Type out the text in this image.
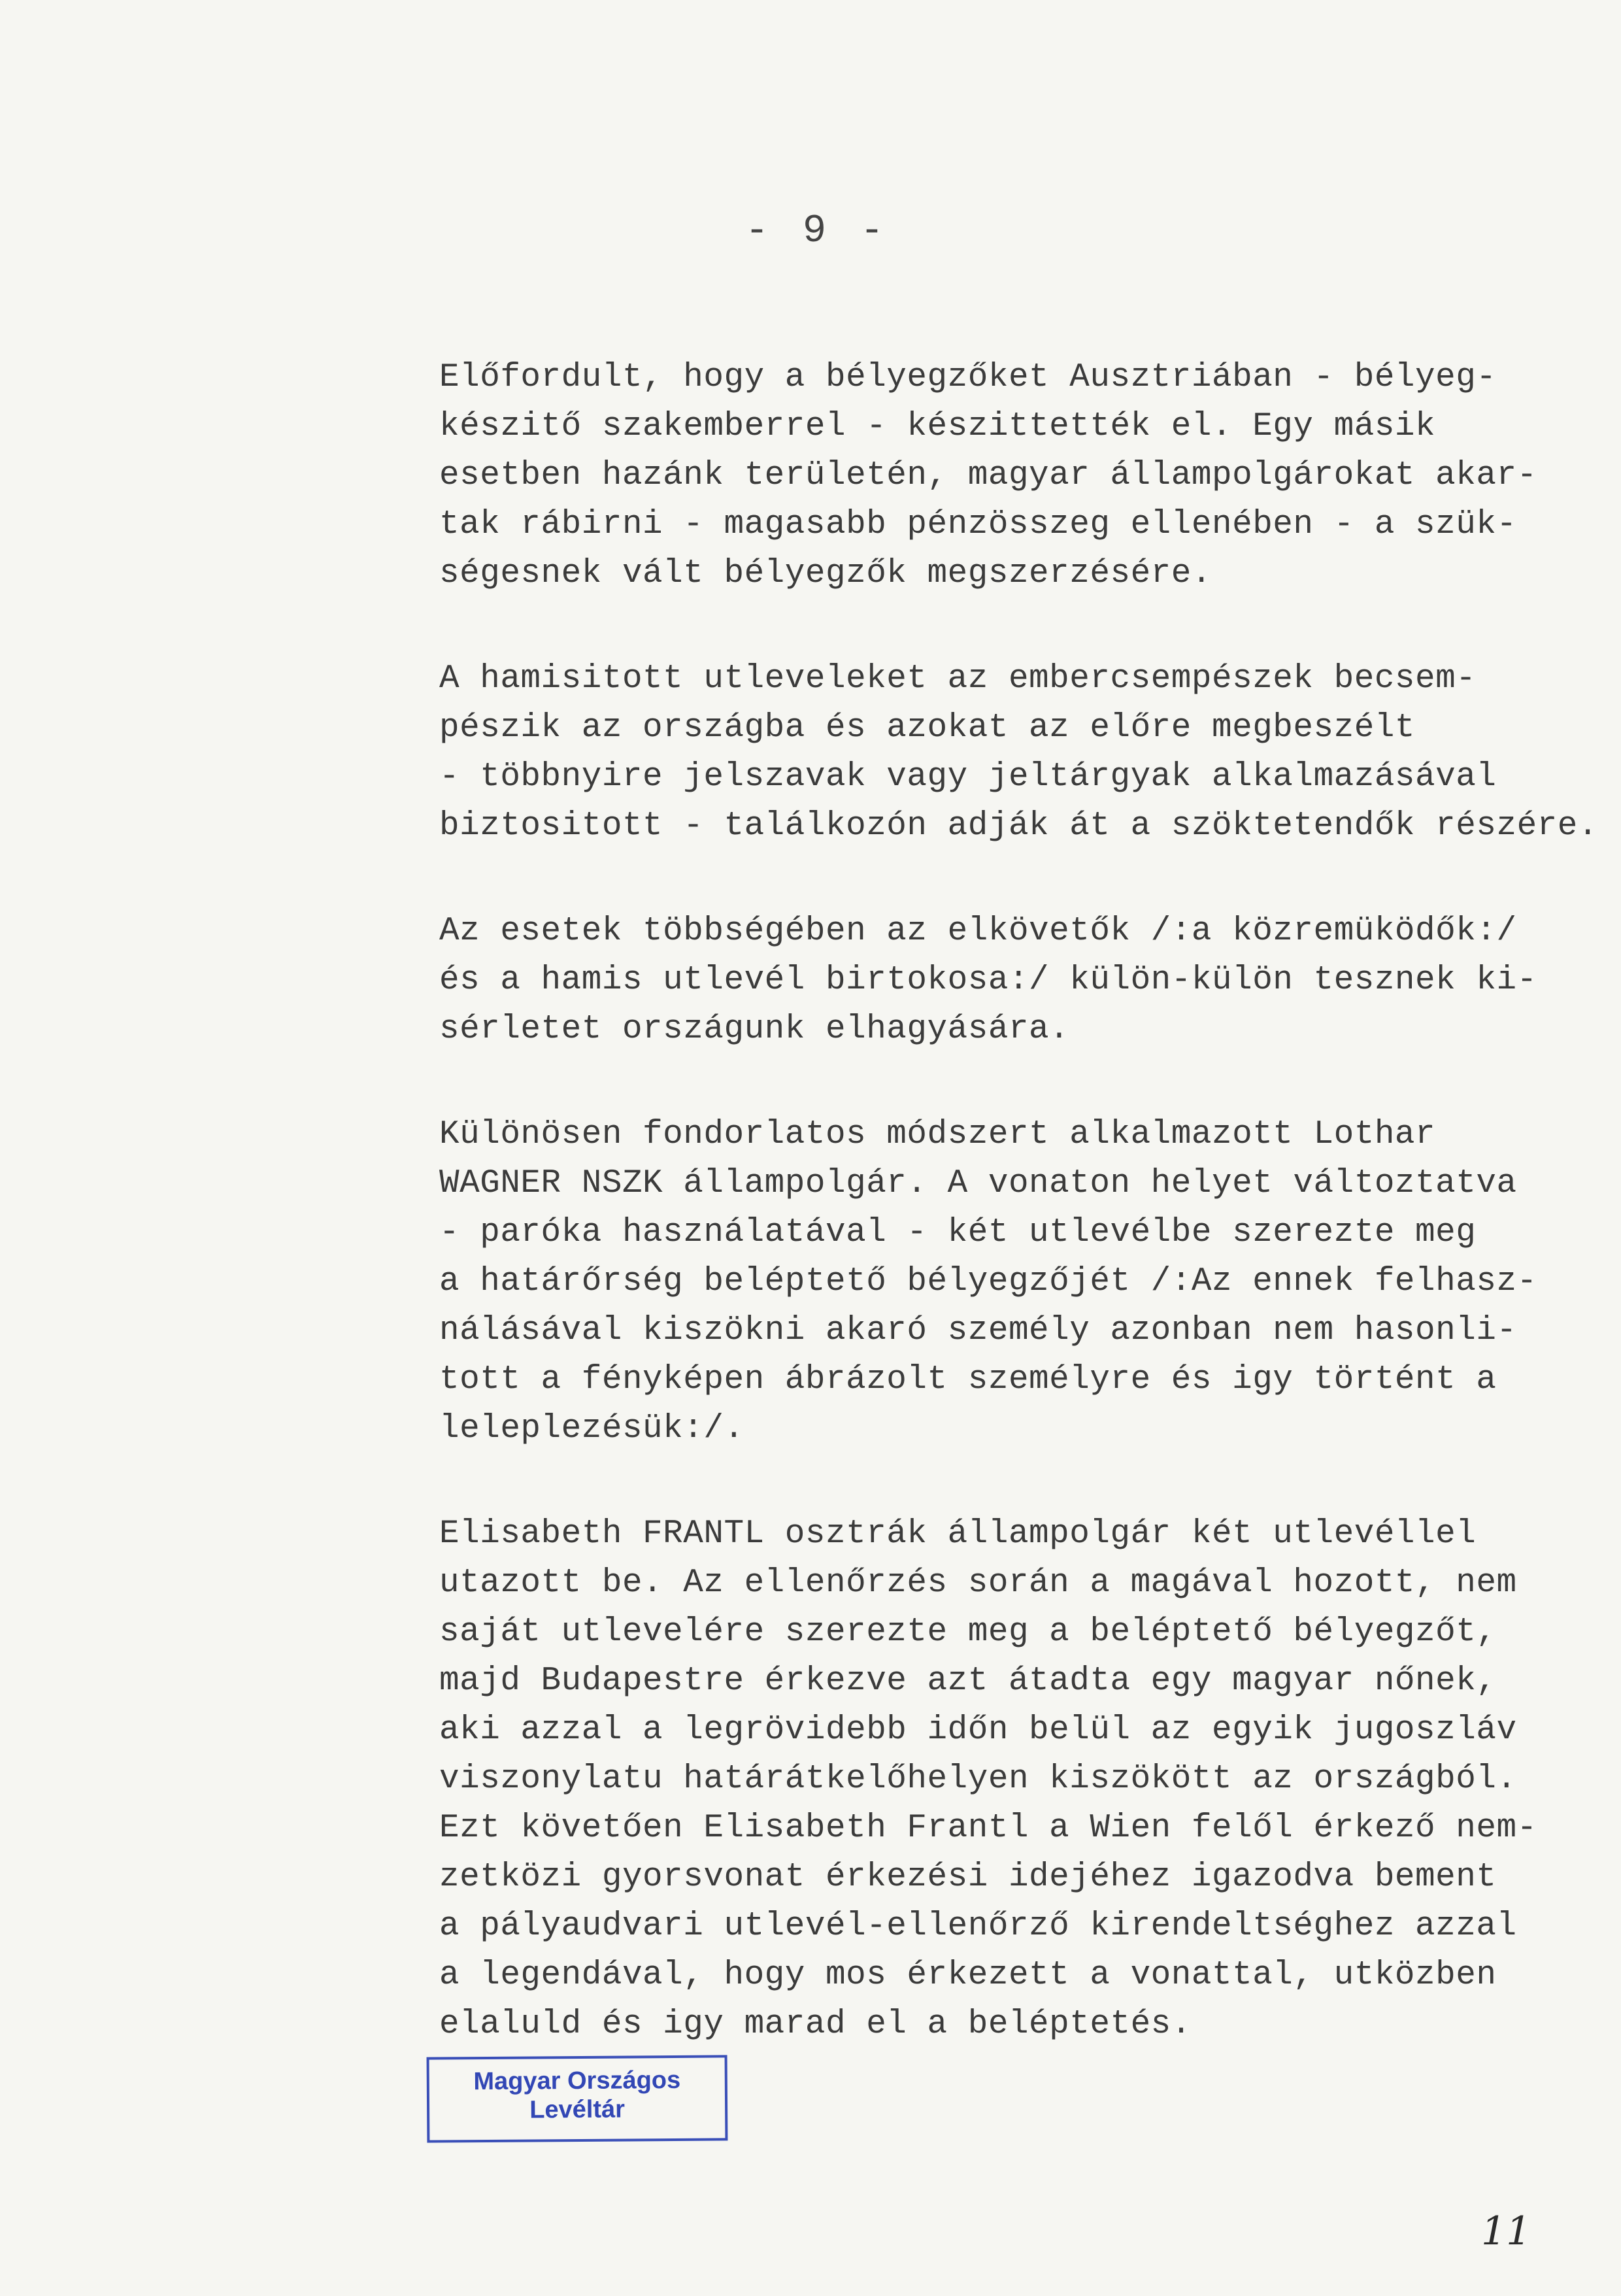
- 9 -
Előfordult, hogy a bélyegzőket Ausztriában - bélyeg-
készitő szakemberrel - készittették el. Egy másik
esetben hazánk területén, magyar állampolgárokat akar-
tak rábirni - magasabb pénzösszeg ellenében - a szük-
ségesnek vált bélyegzők megszerzésére.
A hamisitott utleveleket az embercsempészek becsem-
pészik az országba és azokat az előre megbeszélt
- többnyire jelszavak vagy jeltárgyak alkalmazásával
biztositott - találkozón adják át a szöktetendők részére.
Az esetek többségében az elkövetők /:a közremüködők:/
és a hamis utlevél birtokosa:/ külön-külön tesznek ki-
sérletet országunk elhagyására.
Különösen fondorlatos módszert alkalmazott Lothar
WAGNER NSZK állampolgár. A vonaton helyet változtatva
- paróka használatával - két utlevélbe szerezte meg
a határőrség beléptető bélyegzőjét /:Az ennek felhasz-
nálásával kiszökni akaró személy azonban nem hasonli-
tott a fényképen ábrázolt személyre és igy történt a
leleplezésük:/.
Elisabeth FRANTL osztrák állampolgár két utlevéllel
utazott be. Az ellenőrzés során a magával hozott, nem
saját utlevelére szerezte meg a beléptető bélyegzőt,
majd Budapestre érkezve azt átadta egy magyar nőnek,
aki azzal a legrövidebb időn belül az egyik jugoszláv
viszonylatu határátkelőhelyen kiszökött az országból.
Ezt követően Elisabeth Frantl a Wien felől érkező nem-
zetközi gyorsvonat érkezési idejéhez igazodva bement
a pályaudvari utlevél-ellenőrző kirendeltséghez azzal
a legendával, hogy mos érkezett a vonattal, utközben
elaluld és igy marad el a beléptetés.
Magyar Országos
Levéltár
11
